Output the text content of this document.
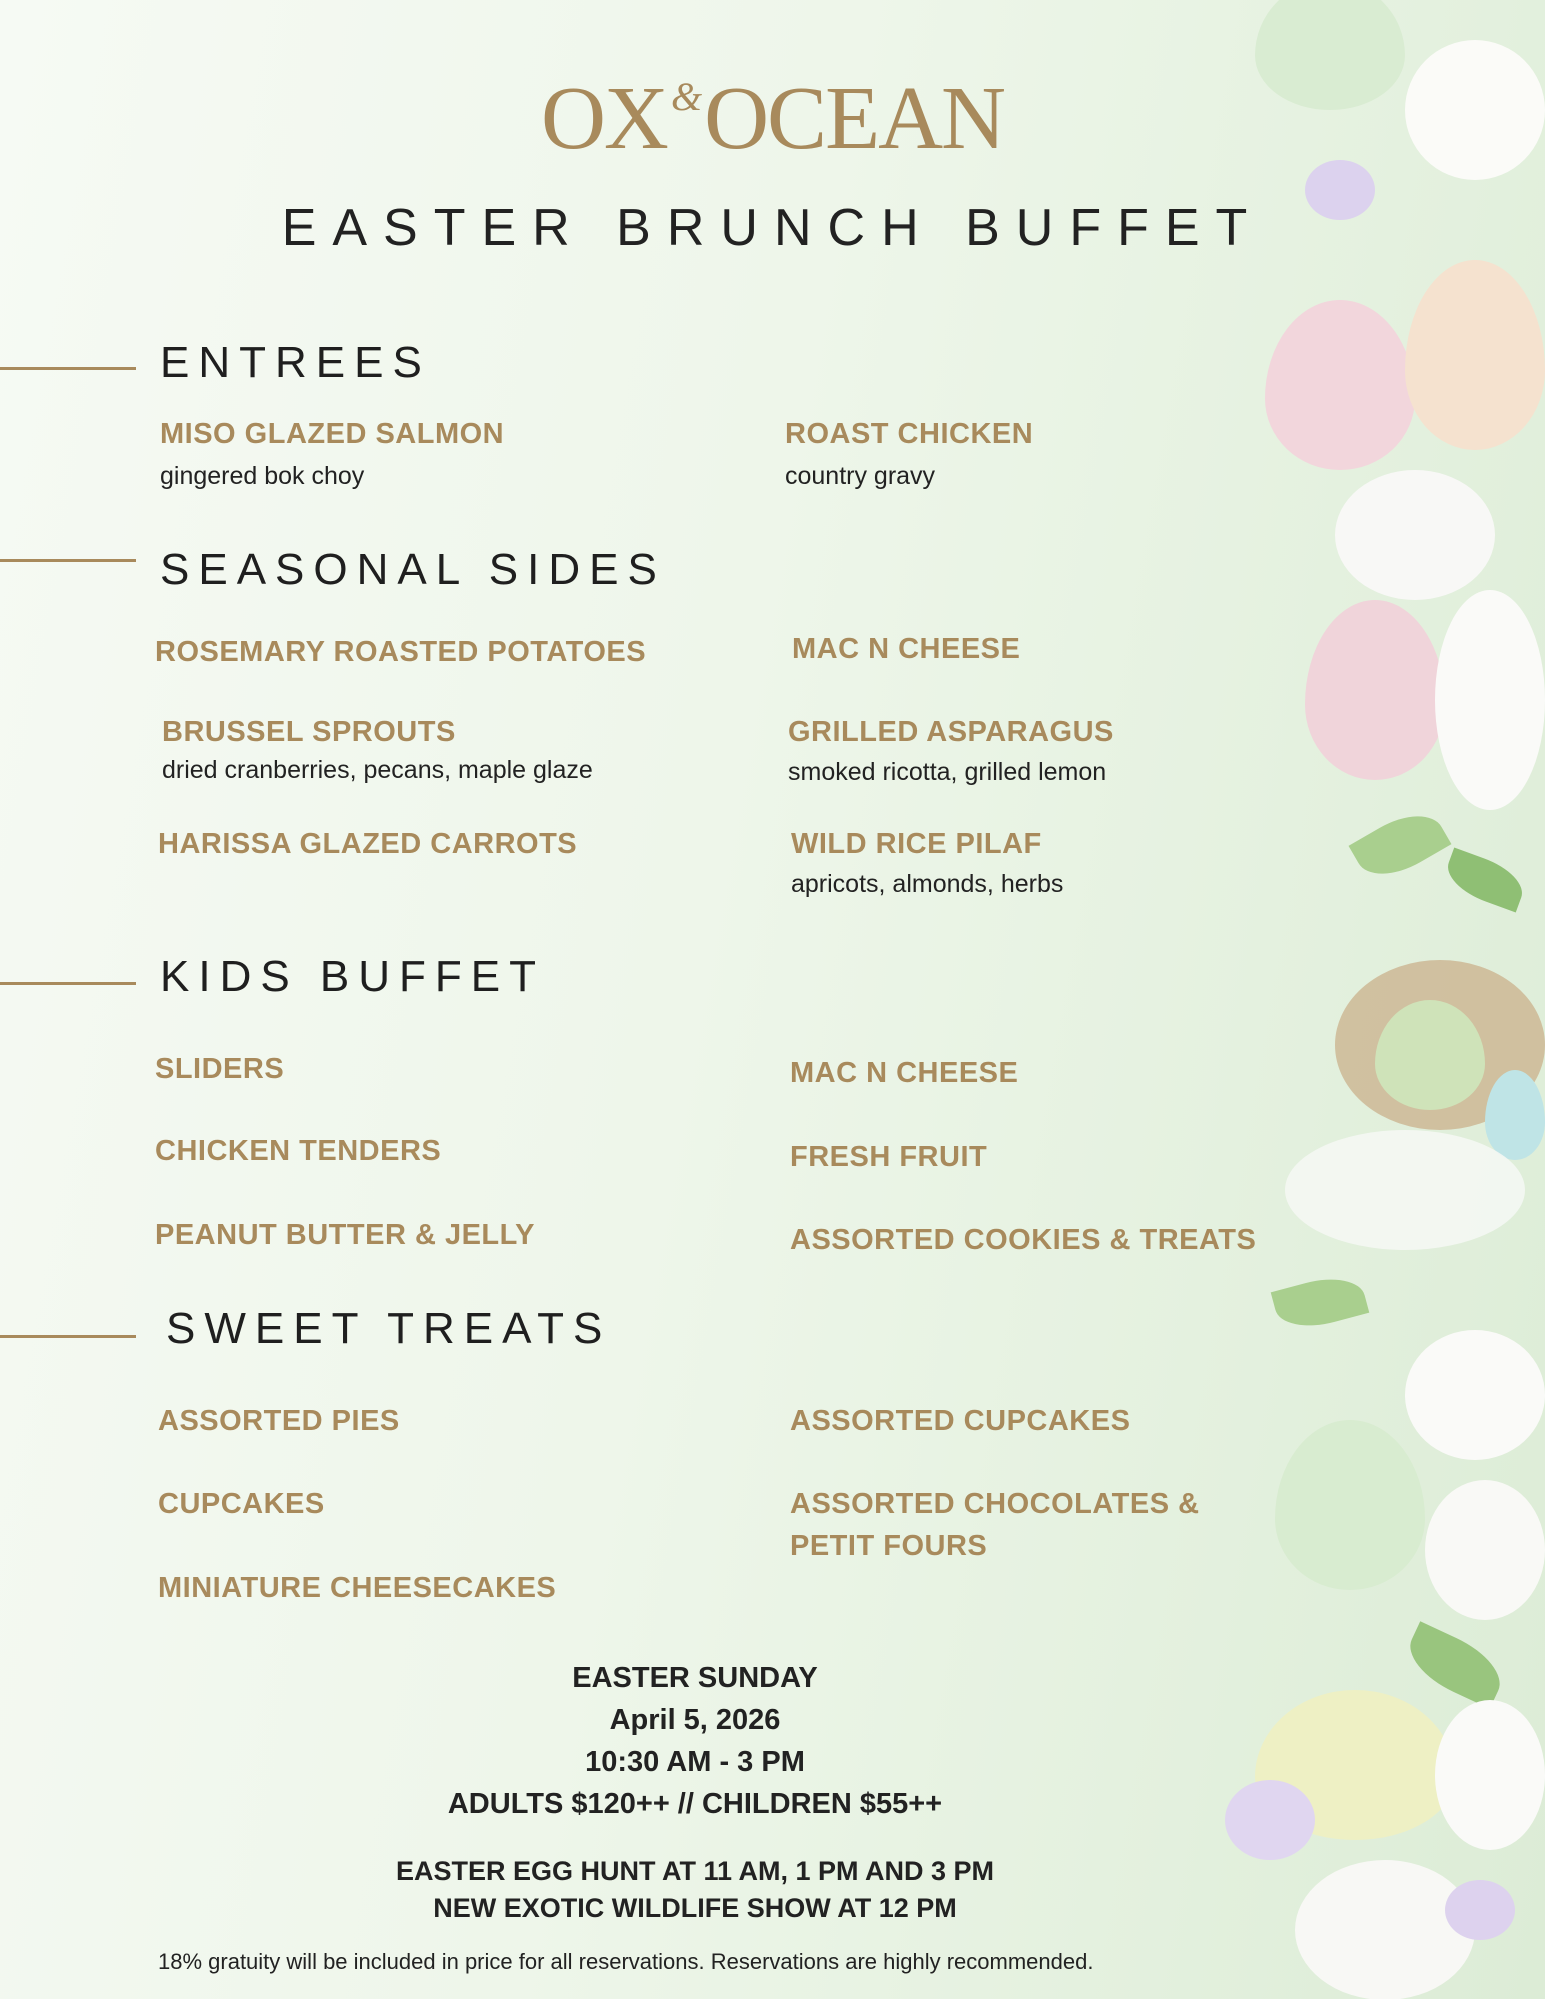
OX &OCEAN
EASTER BRUNCH BUFFET
ENTREES
MISO GLAZED SALMON
gingered bok choy
ROAST CHICKEN
country gravy
SEASONAL SIDES
ROSEMARY ROASTED POTATOES	MAC N CHEESE
BRUSSEL SPROUTS
dried cranberries, pecans, maple glaze
GRILLED ASPARAGUS
smoked ricotta, grilled lemon
HARISSA GLAZED CARROTS	WILD RICE PILAF
apricots, almonds, herbs
KIDS BUFFET
SLIDERS	MAC N CHEESE
CHICKEN TENDERS	FRESH FRUIT
PEANUT BUTTER & JELLY	ASSORTED COOKIES & TREATS
SWEET TREATS
ASSORTED PIES	ASSORTED CUPCAKES
CUPCAKES	ASSORTED CHOCOLATES &
PETIT FOURS
MINIATURE CHEESECAKES
EASTER SUNDAY
April 5, 2026
10:30 AM - 3 PM
ADULTS $120++ // CHILDREN $55++
EASTER EGG HUNT AT 11 AM, 1 PM AND 3 PM
NEW EXOTIC WILDLIFE SHOW AT 12 PM
18% gratuity will be included in price for all reservations. Reservations are highly recommended.
